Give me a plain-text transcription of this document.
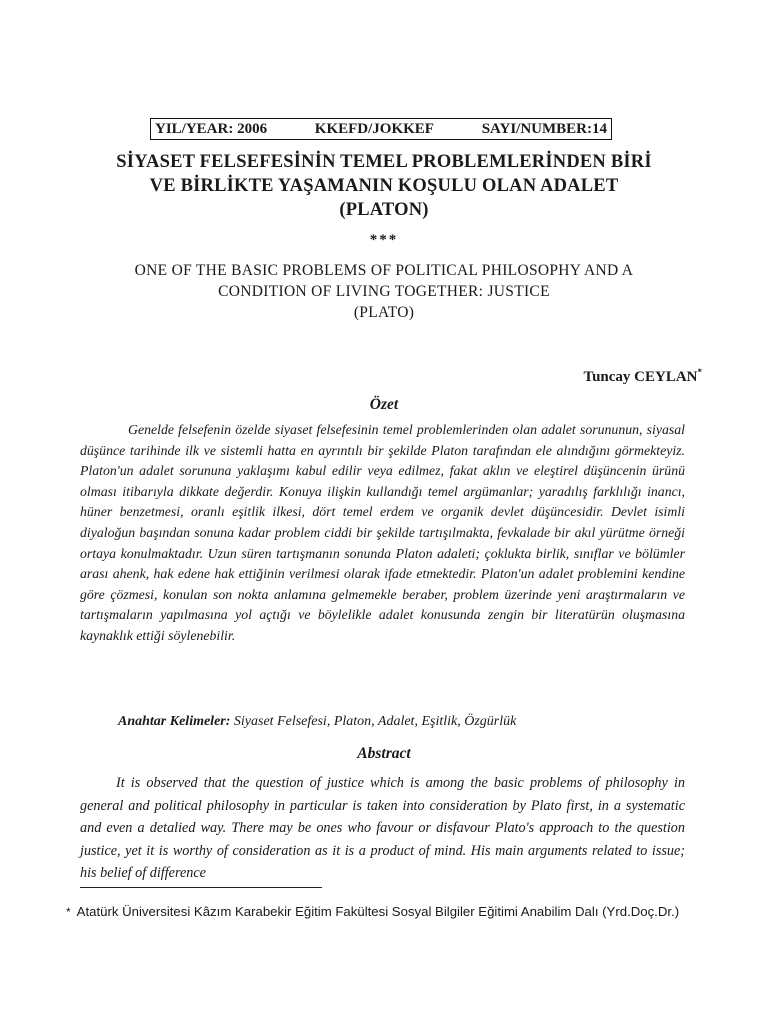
YIL/YEAR: 2006	KKEFD/JOKKEF	SAYI/NUMBER:14
SİYASET FELSEFESİNİN TEMEL PROBLEMLERİNDEN BİRİ
VE BİRLİKTE YAŞAMANIN KOŞULU OLAN ADALET
(PLATON)
***
ONE OF THE BASIC PROBLEMS OF POLITICAL PHILOSOPHY AND A
CONDITION OF LIVING TOGETHER: JUSTICE
(PLATO)
Tuncay CEYLAN*
Özet

Genelde felsefenin özelde siyaset felsefesinin temel problemlerinden olan adalet sorununun, siyasal düşünce tarihinde ilk ve sistemli hatta en ayrıntılı bir şekilde Platon tarafından ele alındığını görmekteyiz. Platon'un adalet sorununa yaklaşımı kabul edilir veya edilmez, fakat aklın ve eleştirel düşüncenin ürünü olması itibarıyla dikkate değerdir. Konuya ilişkin kullandığı temel argümanlar; yaradılış farklılığı inancı, hüner benzetmesi, oranlı eşitlik ilkesi, dört temel erdem ve organik devlet düşüncesidir. Devlet isimli diyaloğun başından sonuna kadar problem ciddi bir şekilde tartışılmakta, fevkalade bir akıl yürütme örneği ortaya konulmaktadır. Uzun süren tartışmanın sonunda Platon adaleti; çoklukta birlik, sınıflar ve bölümler arası ahenk, hak edene hak ettiğinin verilmesi olarak ifade etmektedir. Platon'un adalet problemini kendine göre çözmesi, konulan son nokta anlamına gelmemekle beraber, problem üzerinde yeni araştırmaların ve tartışmaların yapılmasına yol açtığı ve böylelikle adalet konusunda zengin bir literatürün oluşmasına kaynaklık ettiği söylenebilir.

Anahtar Kelimeler: Siyaset Felsefesi, Platon, Adalet, Eşitlik, Özgürlük
Abstract

It is observed that the question of justice which is among the basic problems of philosophy in general and political philosophy in particular is taken into consideration by Plato first, in a systematic and even a detalied way. There may be ones who favour or disfavour Plato's approach to the question justice, yet it is worthy of consideration as it is a product of mind. His main arguments related to issue; his belief of difference

* Atatürk Üniversitesi Kâzım Karabekir Eğitim Fakültesi Sosyal Bilgiler Eğitimi Anabilim Dalı (Yrd.Doç.Dr.)
